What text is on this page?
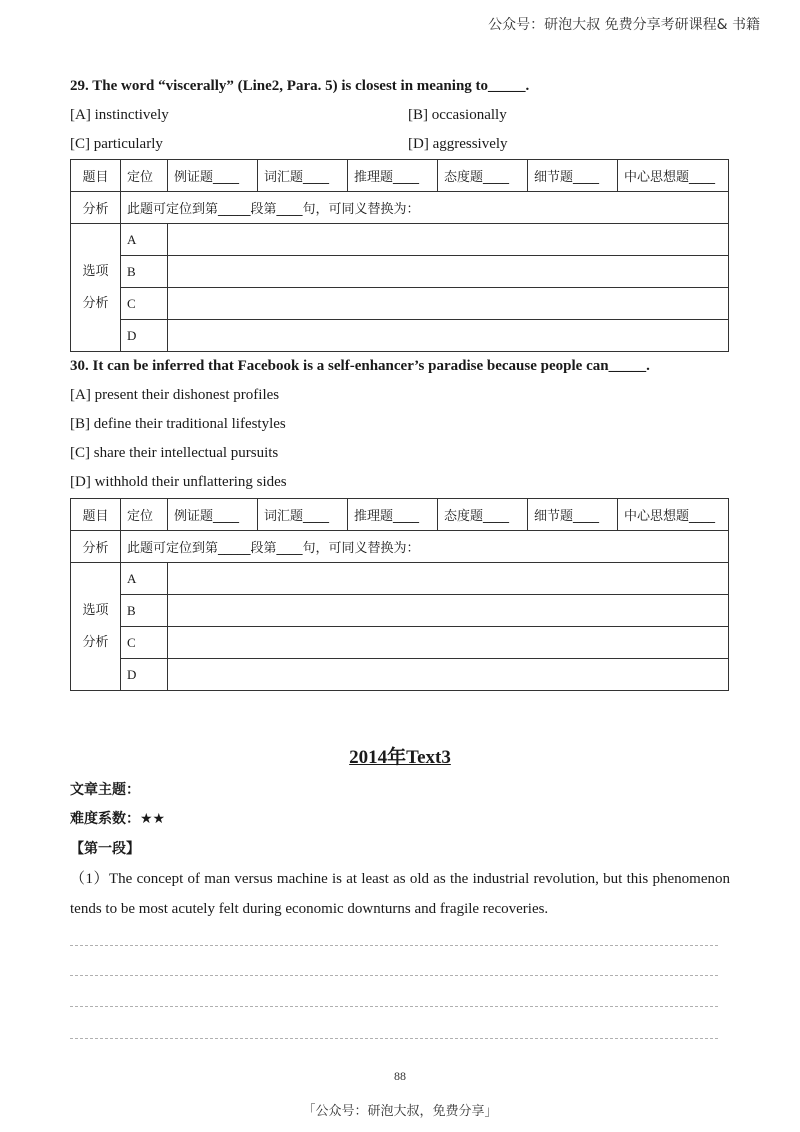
公众号：研泡大叔 免费分享考研课程& 书籍
29. The word “viscerally” (Line2, Para. 5) is closest in meaning to_____.
[A] instinctively	[B] occasionally
[C] particularly	[D] aggressively
题目	定位	例证题____	词汇题____	推理题____	态度题____	细节题____	中心思想题____
分析	此题可定位到第_____段第____句，可同义替换为：						

选项
分析	A						
	B						
	C						
	D						
30. It can be inferred that Facebook is a self-enhancer’s paradise because people can_____.
[A] present their dishonest profiles
[B] define their traditional lifestyles
[C] share their intellectual pursuits
[D] withhold their unflattering sides
题目	定位	例证题____	词汇题____	推理题____	态度题____	细节题____	中心思想题____
分析	此题可定位到第_____段第____句，可同义替换为：						

选项
分析	A						
	B						
	C						
	D						
2014年Text3
文章主题：
难度系数：★★
【第一段】
（1）The concept of man versus machine is at least as old as the industrial revolution, but this phenomenon tends to be most acutely felt during economic downturns and fragile recoveries.
88
「公众号：研泡大叔，免费分享」
